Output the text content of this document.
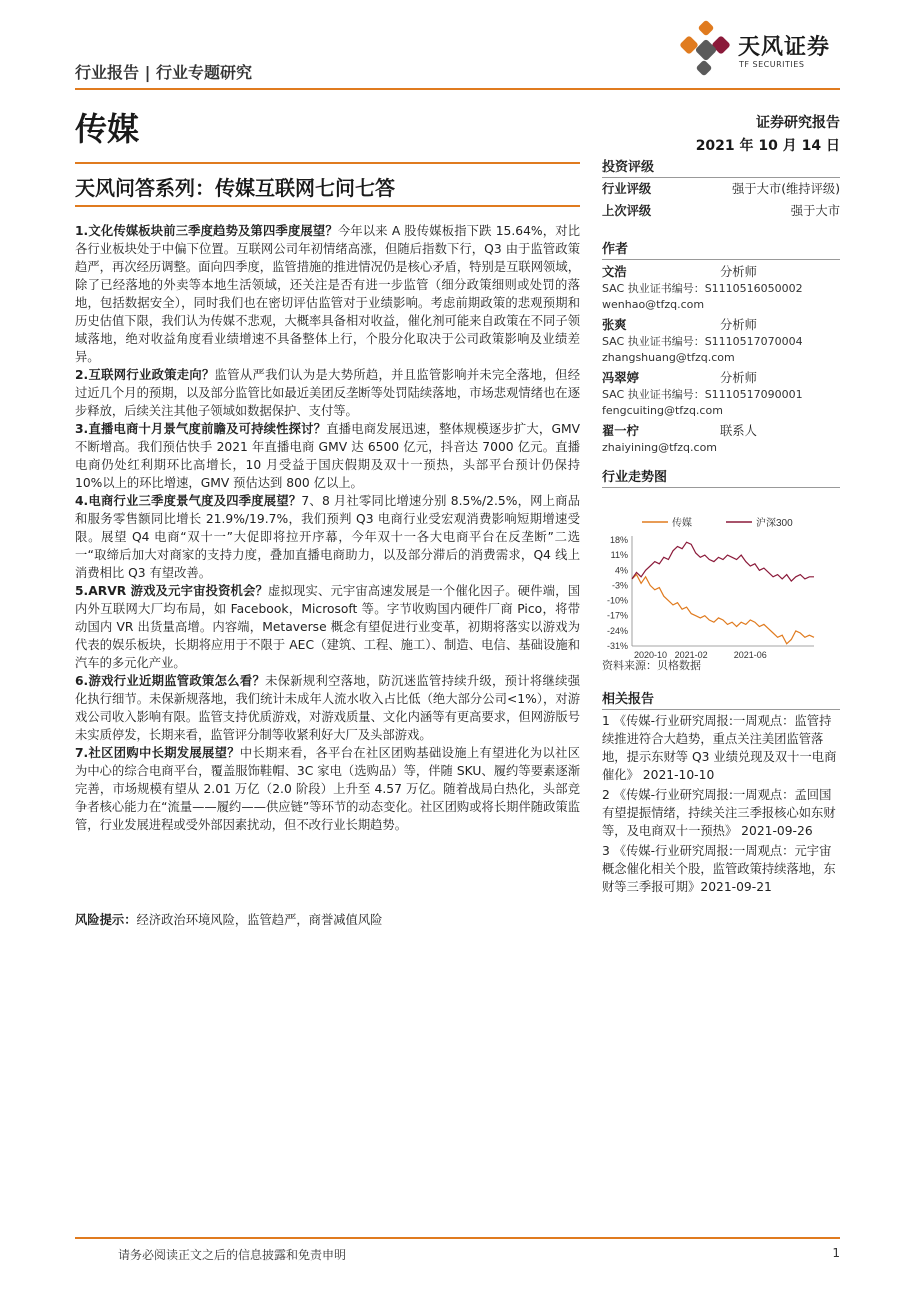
行业报告 | 行业专题研究
天风证券
TF SECURITIES
传媒	证券研究报告
2021 年 10 月 14 日
天风问答系列：传媒互联网七问七答

1.文化传媒板块前三季度趋势及第四季度展望？今年以来 A 股传媒板指下跌 15.64%，对比各行业板块处于中偏下位置。互联网公司年初情绪高涨，但随后指数下行，Q3 由于监管政策趋严，再次经历调整。面向四季度，监管措施的推进情况仍是核心矛盾，特别是互联网领域，除了已经落地的外卖等本地生活领域，还关注是否有进一步监管（细分政策细则或处罚的落地，包括数据安全），同时我们也在密切评估监管对于业绩影响。考虑前期政策的悲观预期和历史估值下限，我们认为传媒不悲观，大概率具备相对收益，催化剂可能来自政策在不同子领域落地，绝对收益角度看业绩增速不具备整体上行，个股分化取决于公司政策影响及业绩差异。

2.互联网行业政策走向？监管从严我们认为是大势所趋，并且监管影响并未完全落地，但经过近几个月的预期，以及部分监管比如最近美团反垄断等处罚陆续落地，市场悲观情绪也在逐步释放，后续关注其他子领域如数据保护、支付等。

3.直播电商十月景气度前瞻及可持续性探讨？直播电商发展迅速，整体规模逐步扩大，GMV 不断增高。我们预估快手 2021 年直播电商 GMV 达 6500 亿元，抖音达 7000 亿元。直播电商仍处红利期环比高增长，10 月受益于国庆假期及双十一预热，头部平台预计仍保持 10%以上的环比增速，GMV 预估达到 800 亿以上。

4.电商行业三季度景气度及四季度展望？7、8 月社零同比增速分别 8.5%/2.5%，网上商品和服务零售额同比增长 21.9%/19.7%，我们预判 Q3 电商行业受宏观消费影响短期增速受限。展望 Q4 电商“双十一”大促即将拉开序幕，今年双十一各大电商平台在反垄断”二选一“取缔后加大对商家的支持力度，叠加直播电商助力，以及部分滞后的消费需求，Q4 线上消费相比 Q3 有望改善。

5.ARVR 游戏及元宇宙投资机会？虚拟现实、元宇宙高速发展是一个催化因子。硬件端，国内外互联网大厂均布局，如 Facebook，Microsoft 等。字节收购国内硬件厂商 Pico，将带动国内 VR 出货量高增。内容端，Metaverse 概念有望促进行业变革，初期将落实以游戏为代表的娱乐板块，长期将应用于不限于 AEC（建筑、工程、施工）、制造、电信、基础设施和汽车的多元化产业。

6.游戏行业近期监管政策怎么看？未保新规利空落地，防沉迷监管持续升级，预计将继续强化执行细节。未保新规落地，我们统计未成年人流水收入占比低（绝大部分公司<1%），对游戏公司收入影响有限。监管支持优质游戏，对游戏质量、文化内涵等有更高要求，但网游版号未实质停发，长期来看，监管评分制等收紧利好大厂及头部游戏。

7.社区团购中长期发展展望？中长期来看，各平台在社区团购基础设施上有望进化为以社区为中心的综合电商平台，覆盖服饰鞋帽、3C 家电（选购品）等，伴随 SKU、履约等要素逐渐完善，市场规模有望从 2.01 万亿（2.0 阶段）上升至 4.57 万亿。随着战局白热化，头部竞争者核心能力在“流量——履约——供应链”等环节的动态变化。社区团购或将长期伴随政策监管，行业发展进程或受外部因素扰动，但不改行业长期趋势。

风险提示：经济政治环境风险，监管趋严，商誉减值风险
投资评级
行业评级	强于大市(维持评级)
上次评级	强于大市
作者
文浩	分析师
SAC 执业证书编号：S1110516050002
wenhao@tfzq.com
张爽	分析师
SAC 执业证书编号：S1110517070004
zhangshuang@tfzq.com
冯翠婷	分析师
SAC 执业证书编号：S1110517090001
fengcuiting@tfzq.com
翟一柠	联系人
zhaiyining@tfzq.com
行业走势图
传媒	沪深300
18%
11%
4%
-3%
-10%
-17%
-24%
-31%
2020-10 2021-02	2021-06
资料来源：贝格数据
相关报告
1 《传媒-行业研究周报:一周观点：监管持续推进符合大趋势，重点关注美团监管落地，提示东财等 Q3 业绩兑现及双十一电商催化》 2021-10-10
2 《传媒-行业研究周报:一周观点：孟回国有望提振情绪，持续关注三季报核心如东财等，及电商双十一预热》 2021-09-26
3 《传媒-行业研究周报:一周观点：元宇宙概念催化相关个股，监管政策持续落地，东财等三季报可期》2021-09-21
请务必阅读正文之后的信息披露和免责申明	1
